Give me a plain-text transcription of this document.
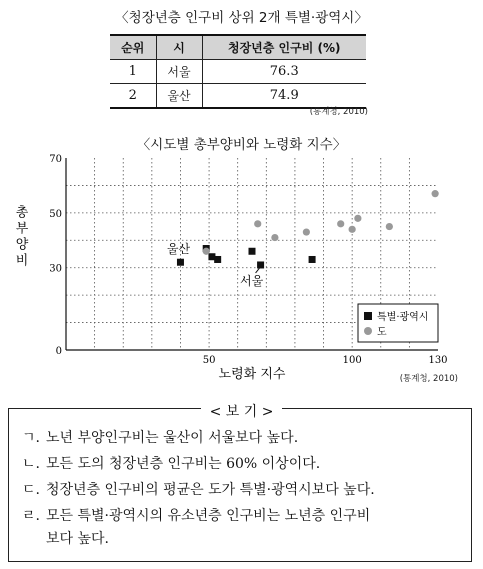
〈청장년층 인구비 상위 2개 특별·광역시〉
순위	시	청장년층 인구비 (%)
1	서울	76.3
2	울산	74.9
(통계청, 2010)
〈시도별 총부양비와 노령화 지수〉
50	100	130
0
30
50
70
노령화 지수
총 부 양 비
울산
서울
특별·광역시
도
(통계청, 2010)
< 보 기 >
ㄱ. 노년 부양인구비는 울산이 서울보다 높다.
ㄴ. 모든 도의 청장년층 인구비는 60% 이상이다.
ㄷ. 청장년층 인구비의 평균은 도가 특별·광역시보다 높다.
ㄹ. 모든 특별·광역시의 유소년층 인구비는 노년층 인구비
보다 높다.
